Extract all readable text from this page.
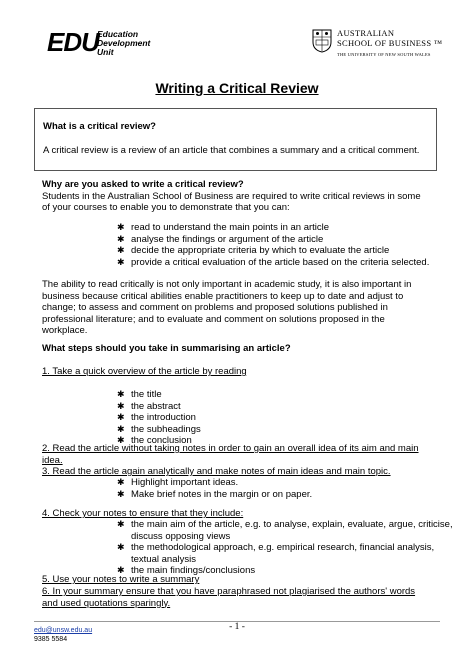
EDU
Education
Development
Unit
AUSTRALIAN
SCHOOL OF BUSINESS ™
THE UNIVERSITY OF NEW SOUTH WALES
Writing a Critical Review
What is a critical review?
A critical review is a review of an article that combines a summary and a critical comment.
Why are you asked to write a critical review?
Students in the Australian School of Business are required to write critical reviews in some
of your courses to enable you to demonstrate that you can:
✱ read to understand the main points in an article
✱ analyse the findings or argument of the article
✱ decide the appropriate criteria by which to evaluate the article
✱ provide a critical evaluation of the article based on the criteria selected.
The ability to read critically is not only important in academic study, it is also important in
business because critical abilities enable practitioners to keep up to date and adjust to
change; to assess and comment on problems and proposed solutions published in
professional literature; and to evaluate and comment on solutions proposed in the
workplace.
What steps should you take in summarising an article?
1. Take a quick overview of the article by reading
✱ the title
✱ the abstract
✱ the introduction
✱ the subheadings
✱ the conclusion
2. Read the article without taking notes in order to gain an overall idea of its aim and main
idea.
3. Read the article again analytically and make notes of main ideas and main topic.
✱ Highlight important ideas.
✱ Make brief notes in the margin or on paper.
4. Check your notes to ensure that they include:
✱ the main aim of the article, e.g. to analyse, explain, evaluate, argue, criticise,
discuss opposing views
✱ the methodological approach, e.g. empirical research, financial analysis,
textual analysis
✱ the main findings/conclusions
5. Use your notes to write a summary
6. In your summary ensure that you have paraphrased not plagiarised the authors' words
and used quotations sparingly.
- 1 -
edu@unsw.edu.au
9385 5584
